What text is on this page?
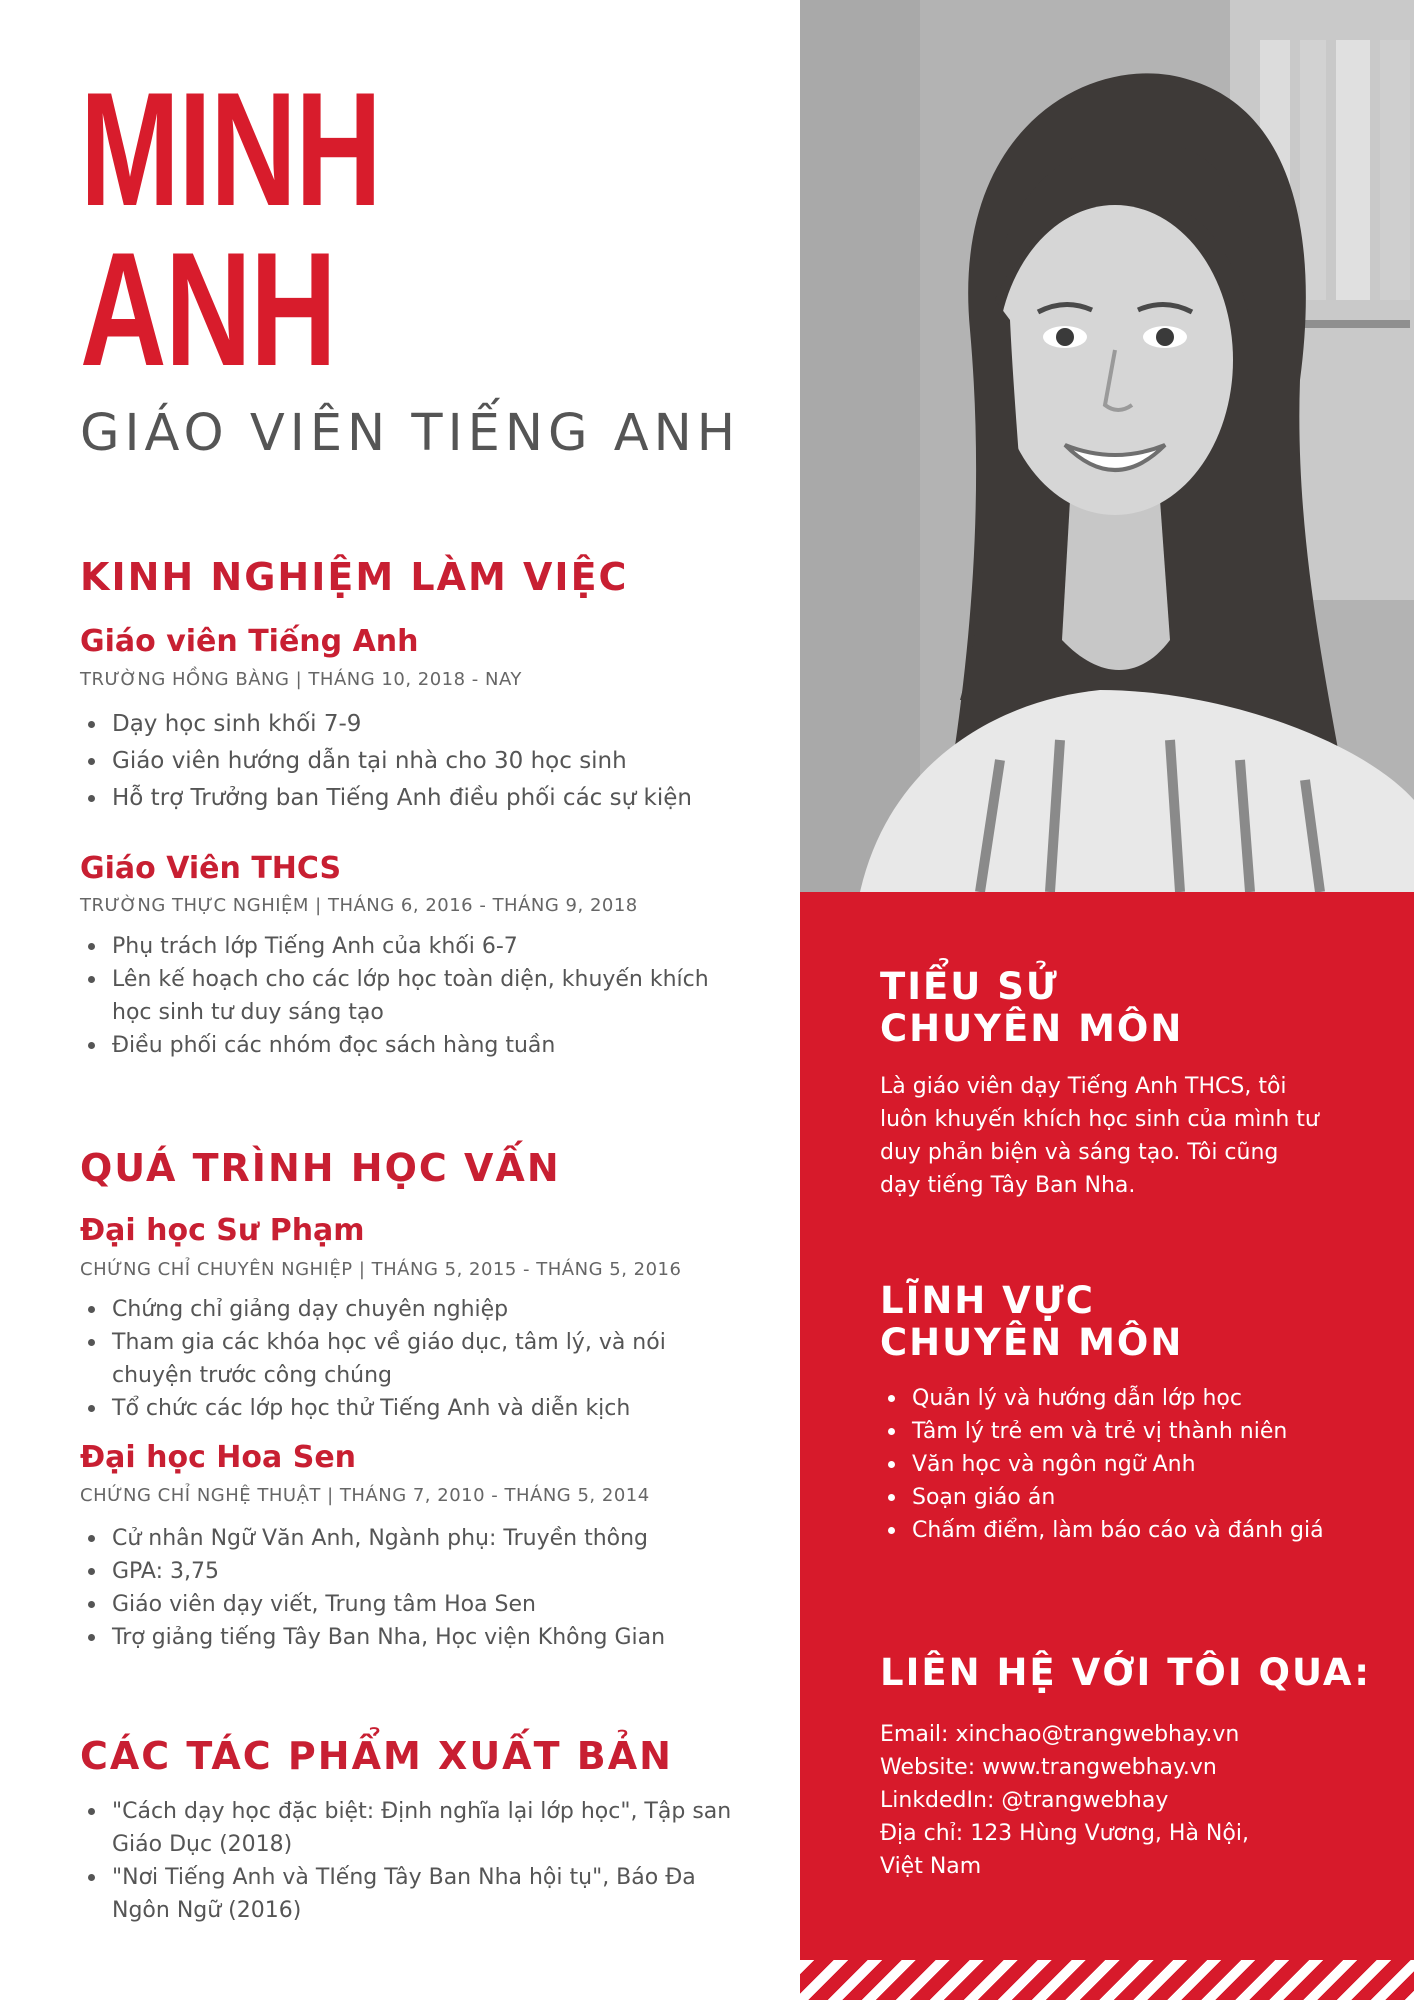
MINH
ANH
GIÁO VIÊN TIẾNG ANH
KINH NGHIỆM LÀM VIỆC
Giáo viên Tiếng Anh
TRƯỜNG HỒNG BÀNG | THÁNG 10, 2018 - NAY
Dạy học sinh khối 7-9
Giáo viên hướng dẫn tại nhà cho 30 học sinh
Hỗ trợ Trưởng ban Tiếng Anh điều phối các sự kiện
Giáo Viên THCS
TRƯỜNG THỰC NGHIỆM | THÁNG 6, 2016 - THÁNG 9, 2018
Phụ trách lớp Tiếng Anh của khối 6-7
Lên kế hoạch cho các lớp học toàn diện, khuyến khích học sinh tư duy sáng tạo
Điều phối các nhóm đọc sách hàng tuần
QUÁ TRÌNH HỌC VẤN
Đại học Sư Phạm
CHỨNG CHỈ CHUYÊN NGHIỆP | THÁNG 5, 2015 - THÁNG 5, 2016
Chứng chỉ giảng dạy chuyên nghiệp
Tham gia các khóa học về giáo dục, tâm lý, và nói chuyện trước công chúng
Tổ chức các lớp học thử Tiếng Anh và diễn kịch
Đại học Hoa Sen
CHỨNG CHỈ NGHỆ THUẬT | THÁNG 7, 2010 - THÁNG 5, 2014
Cử nhân Ngữ Văn Anh, Ngành phụ: Truyền thông
GPA: 3,75
Giáo viên dạy viết, Trung tâm Hoa Sen
Trợ giảng tiếng Tây Ban Nha, Học viện Không Gian
CÁC TÁC PHẨM XUẤT BẢN
"Cách dạy học đặc biệt: Định nghĩa lại lớp học", Tập san Giáo Dục (2018)
"Nơi Tiếng Anh và TIếng Tây Ban Nha hội tụ", Báo Đa Ngôn Ngữ (2016)
TIỂU SỬ
CHUYÊN MÔN
Là giáo viên dạy Tiếng Anh THCS, tôi luôn khuyến khích học sinh của mình tư duy phản biện và sáng tạo. Tôi cũng dạy tiếng Tây Ban Nha.
LĨNH VỰC
CHUYÊN MÔN
Quản lý và hướng dẫn lớp học
Tâm lý trẻ em và trẻ vị thành niên
Văn học và ngôn ngữ Anh
Soạn giáo án
Chấm điểm, làm báo cáo và đánh giá
LIÊN HỆ VỚI TÔI QUA:
Email: xinchao@trangwebhay.vn
Website: www.trangwebhay.vn
LinkdedIn: @trangwebhay
Địa chỉ: 123 Hùng Vương, Hà Nội,
Việt Nam
